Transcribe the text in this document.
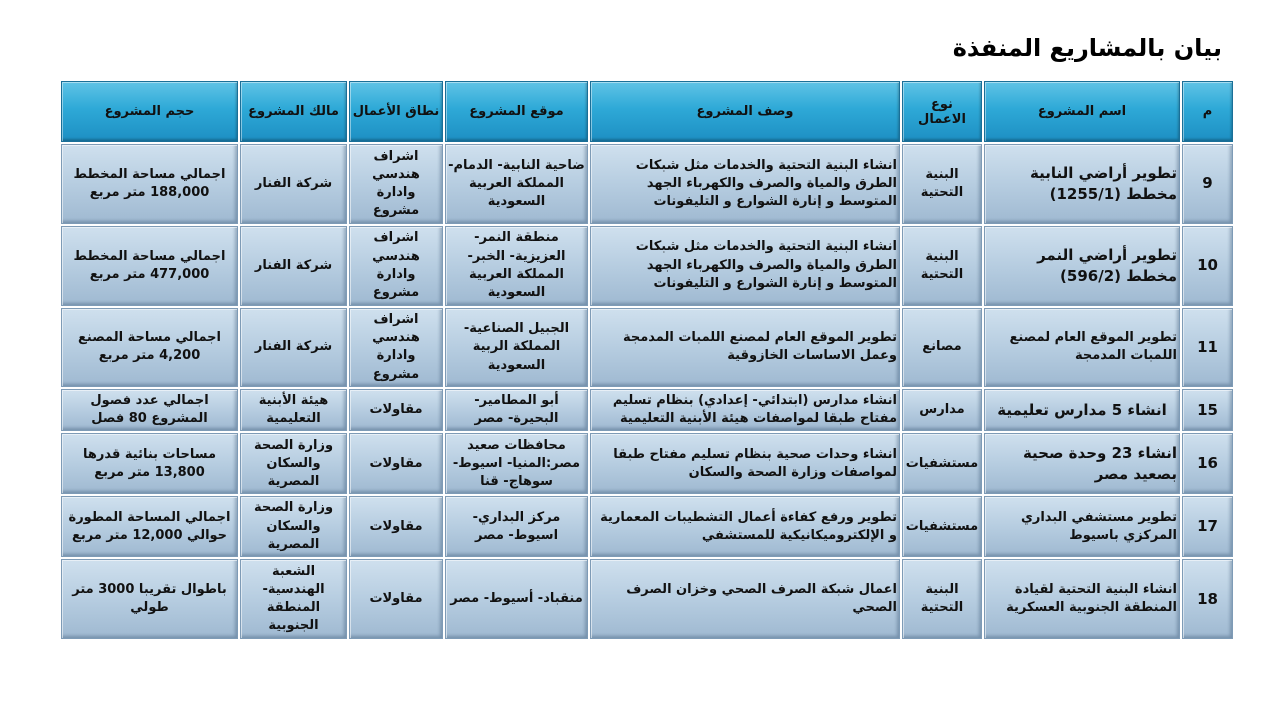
بيان بالمشاريع المنفذة
م	اسم المشروع	نوع الاعمال	وصف المشروع	موقع المشروع	نطاق الأعمال	مالك المشروع	حجم المشروع
9	تطوير أراضي النابية مخطط (1255/1)	البنية التحتية	انشاء البنية التحتية والخدمات مثل شبكات الطرق والمياة والصرف والكهرباء الجهد المتوسط و إنارة الشوارع و التليفونات	ضاحية النابية- الدمام- المملكة العربية السعودية	اشراف هندسي وادارة مشروع	شركة الفنار	اجمالي مساحة المخطط 188,000 متر مربع
10	تطوير أراضي النمر مخطط (596/2)	البنية التحتية	انشاء البنية التحتية والخدمات مثل شبكات الطرق والمياة والصرف والكهرباء الجهد المتوسط و إنارة الشوارع و التليفونات	منطقة النمر- العزيزية- الخبر- المملكة العربية السعودية	اشراف هندسي وادارة مشروع	شركة الفنار	اجمالي مساحة المخطط 477,000 متر مربع
11	تطوير الموقع العام لمصنع اللمبات المدمجة	مصانع	تطوير الموقع العام لمصنع اللمبات المدمجة وعمل الاساسات الخازوقية	الجبيل الصناعية- المملكة الربية السعودية	اشراف هندسي وادارة مشروع	شركة الفنار	اجمالي مساحة المصنع 4,200 متر مربع
15	انشاء 5 مدارس تعليمية	مدارس	انشاء مدارس (ابتدائي- إعدادي) بنظام تسليم مفتاح طبقا لمواصفات هيئة الأبنية التعليمية	أبو المطامير- البحيرة- مصر	مقاولات	هيئة الأبنية التعليمية	اجمالي عدد فصول المشروع 80 فصل
16	انشاء 23 وحدة صحية بصعيد مصر	مستشفيات	انشاء وحدات صحية بنظام تسليم مفتاح طبقا لمواصفات وزارة الصحة والسكان	محافظات صعيد مصر:المنيا- اسيوط- سوهاج- قنا	مقاولات	وزارة الصحة والسكان المصرية	مساحات بنائية قدرها 13,800 متر مربع
17	تطوير مستشفي البداري المركزي باسيوط	مستشفيات	تطوير ورفع كفاءة أعمال التشطيبات المعمارية و الإلكتروميكانيكية للمستشفي	مركز البداري- اسيوط- مصر	مقاولات	وزارة الصحة والسكان المصرية	اجمالي المساحة المطورة حوالي 12,000 متر مربع
18	انشاء البنية التحتية لقيادة المنطقة الجنوبية العسكرية	البنية التحتية	اعمال شبكة الصرف الصحي وخزان الصرف الصحي	منقباد- أسيوط- مصر	مقاولات	الشعبة الهندسية- المنطقة الجنوبية	باطوال تقريبا 3000 متر طولي
